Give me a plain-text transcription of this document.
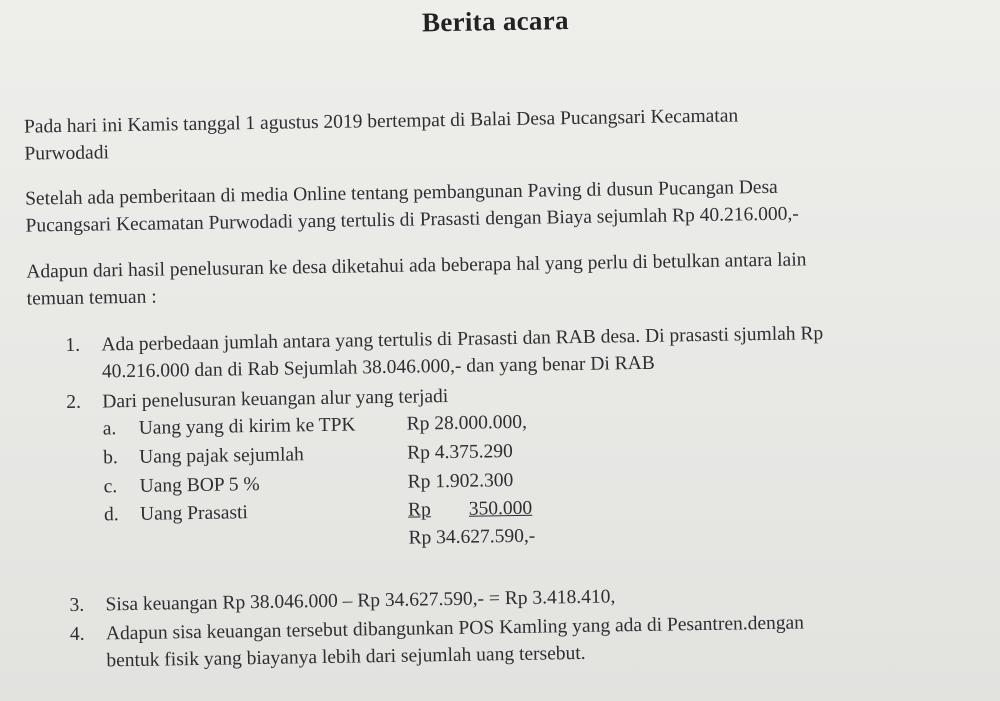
Berita acara
Pada hari ini Kamis tanggal 1 agustus 2019 bertempat di Balai Desa Pucangsari Kecamatan
Purwodadi
Setelah ada pemberitaan di media Online tentang pembangunan Paving di dusun Pucangan Desa
Pucangsari Kecamatan Purwodadi yang tertulis di Prasasti dengan Biaya sejumlah Rp 40.216.000,-
Adapun dari hasil penelusuran ke desa diketahui ada beberapa hal yang perlu di betulkan antara lain
temuan temuan :
1. Ada perbedaan jumlah antara yang tertulis di Prasasti dan RAB desa. Di prasasti sjumlah Rp
40.216.000 dan di Rab Sejumlah 38.046.000,- dan yang benar Di RAB
2. Dari penelusuran keuangan alur yang terjadi
a. Uang yang di kirim ke TPK	Rp 28.000.000,
b. Uang pajak sejumlah	Rp 4.375.290
c. Uang BOP 5 %	Rp 1.902.300
d. Uang Prasasti	Rp 350.000
Rp 34.627.590,-
3. Sisa keuangan Rp 38.046.000 – Rp 34.627.590,- = Rp 3.418.410,
4. Adapun sisa keuangan tersebut dibangunkan POS Kamling yang ada di Pesantren.dengan
bentuk fisik yang biayanya lebih dari sejumlah uang tersebut.
